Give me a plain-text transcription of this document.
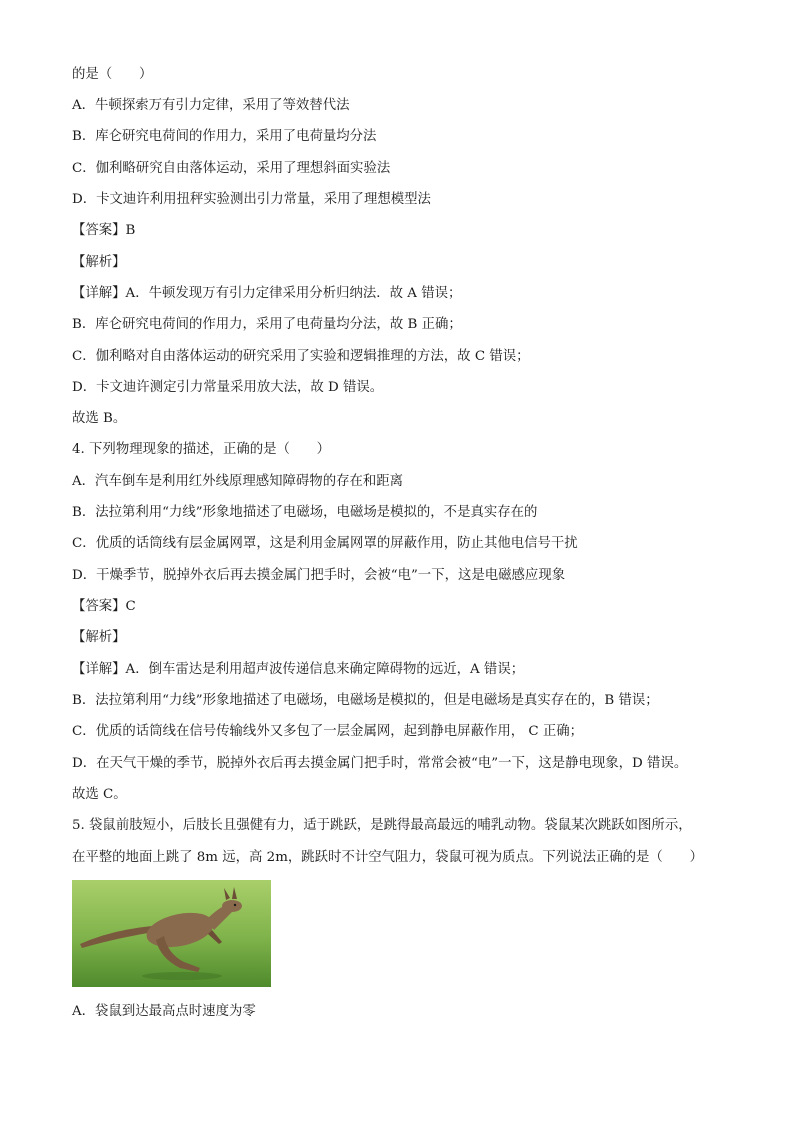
的是（　　）
A．牛顿探索万有引力定律，采用了等效替代法
B．库仑研究电荷间的作用力，采用了电荷量均分法
C．伽利略研究自由落体运动，采用了理想斜面实验法
D．卡文迪许利用扭秤实验测出引力常量，采用了理想模型法
【答案】B
【解析】
【详解】A．牛顿发现万有引力定律采用分析归纳法．故 A 错误；
B．库仑研究电荷间的作用力，采用了电荷量均分法，故 B 正确；
C．伽利略对自由落体运动的研究采用了实验和逻辑推理的方法，故 C 错误；
D．卡文迪许测定引力常量采用放大法，故 D 错误。
故选 B。
4. 下列物理现象的描述，正确的是（　　）
A．汽车倒车是利用红外线原理感知障碍物的存在和距离
B．法拉第利用“力线”形象地描述了电磁场，电磁场是模拟的，不是真实存在的
C．优质的话筒线有层金属网罩，这是利用金属网罩的屏蔽作用，防止其他电信号干扰
D．干燥季节，脱掉外衣后再去摸金属门把手时，会被“电”一下，这是电磁感应现象
【答案】C
【解析】
【详解】A．倒车雷达是利用超声波传递信息来确定障碍物的远近，A 错误；
B．法拉第利用“力线”形象地描述了电磁场，电磁场是模拟的，但是电磁场是真实存在的，B 错误；
C．优质的话筒线在信号传输线外又多包了一层金属网，起到静电屏蔽作用， C 正确；
D．在天气干燥的季节，脱掉外衣后再去摸金属门把手时，常常会被“电”一下，这是静电现象，D 错误。
故选 C。
5. 袋鼠前肢短小，后肢长且强健有力，适于跳跃，是跳得最高最远的哺乳动物。袋鼠某次跳跃如图所示，
在平整的地面上跳了 8m 远，高 2m，跳跃时不计空气阻力，袋鼠可视为质点。下列说法正确的是（　　）
A．袋鼠到达最高点时速度为零
